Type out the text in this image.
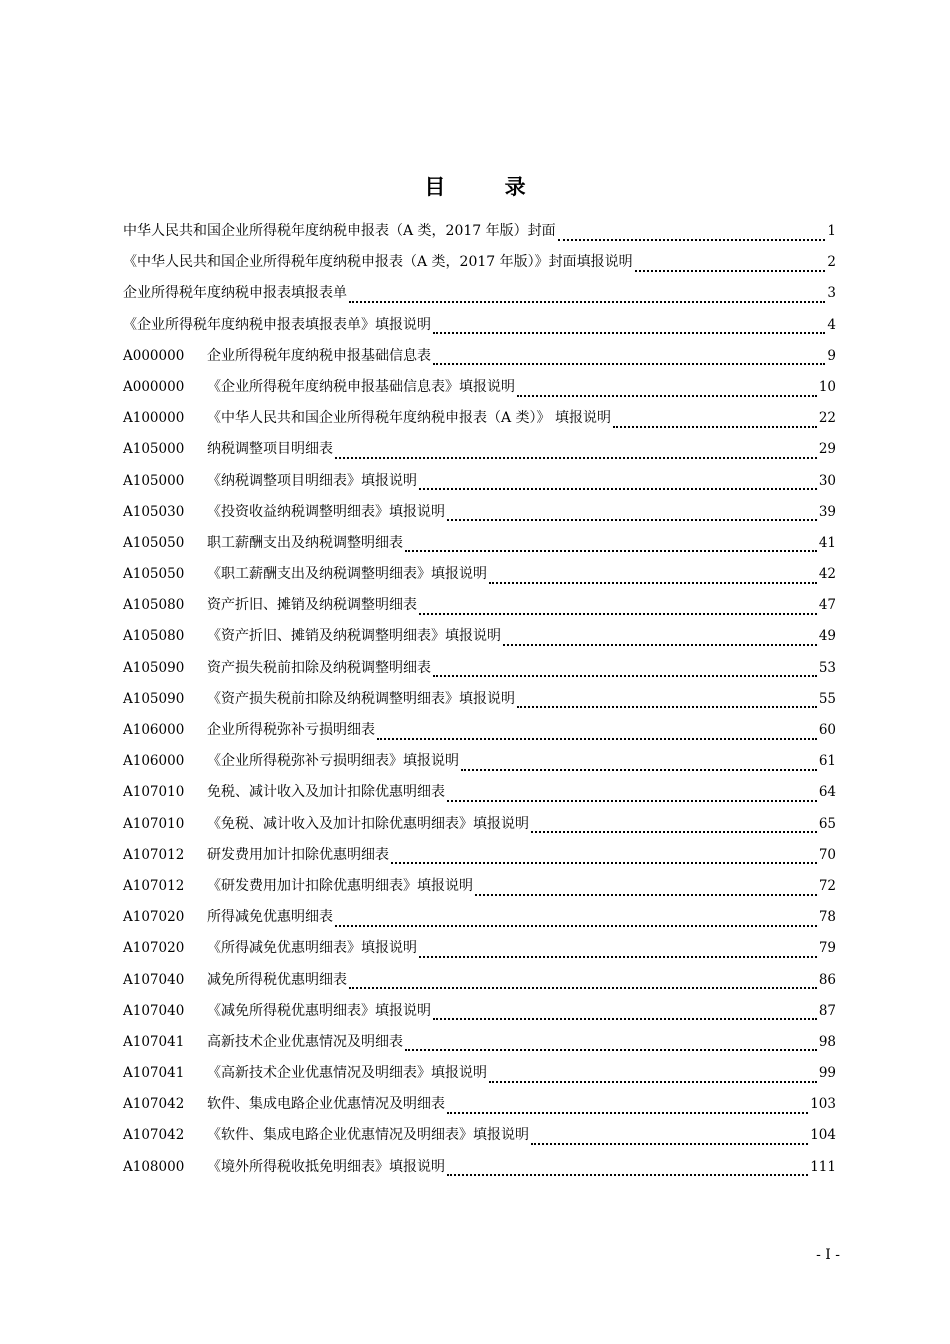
目 录
中华人民共和国企业所得税年度纳税申报表（A 类，2017 年版）封面	1
《中华人民共和国企业所得税年度纳税申报表（A 类，2017 年版）》封面填报说明	2
企业所得税年度纳税申报表填报表单	3
《企业所得税年度纳税申报表填报表单》填报说明	4
A000000	企业所得税年度纳税申报基础信息表	9
A000000	《企业所得税年度纳税申报基础信息表》填报说明	10
A100000	《中华人民共和国企业所得税年度纳税申报表（A 类）》 填报说明	22
A105000	纳税调整项目明细表	29
A105000	《纳税调整项目明细表》填报说明	30
A105030	《投资收益纳税调整明细表》填报说明	39
A105050	职工薪酬支出及纳税调整明细表	41
A105050	《职工薪酬支出及纳税调整明细表》填报说明	42
A105080	资产折旧、摊销及纳税调整明细表	47
A105080	《资产折旧、摊销及纳税调整明细表》填报说明	49
A105090	资产损失税前扣除及纳税调整明细表	53
A105090	《资产损失税前扣除及纳税调整明细表》填报说明	55
A106000	企业所得税弥补亏损明细表	60
A106000	《企业所得税弥补亏损明细表》填报说明	61
A107010	免税、减计收入及加计扣除优惠明细表	64
A107010	《免税、减计收入及加计扣除优惠明细表》填报说明	65
A107012	研发费用加计扣除优惠明细表	70
A107012	《研发费用加计扣除优惠明细表》填报说明	72
A107020	所得减免优惠明细表	78
A107020	《所得减免优惠明细表》填报说明	79
A107040	减免所得税优惠明细表	86
A107040	《减免所得税优惠明细表》填报说明	87
A107041	高新技术企业优惠情况及明细表	98
A107041	《高新技术企业优惠情况及明细表》填报说明	99
A107042	软件、集成电路企业优惠情况及明细表	103
A107042	《软件、集成电路企业优惠情况及明细表》填报说明	104
A108000	《境外所得税收抵免明细表》填报说明	111
- I -
